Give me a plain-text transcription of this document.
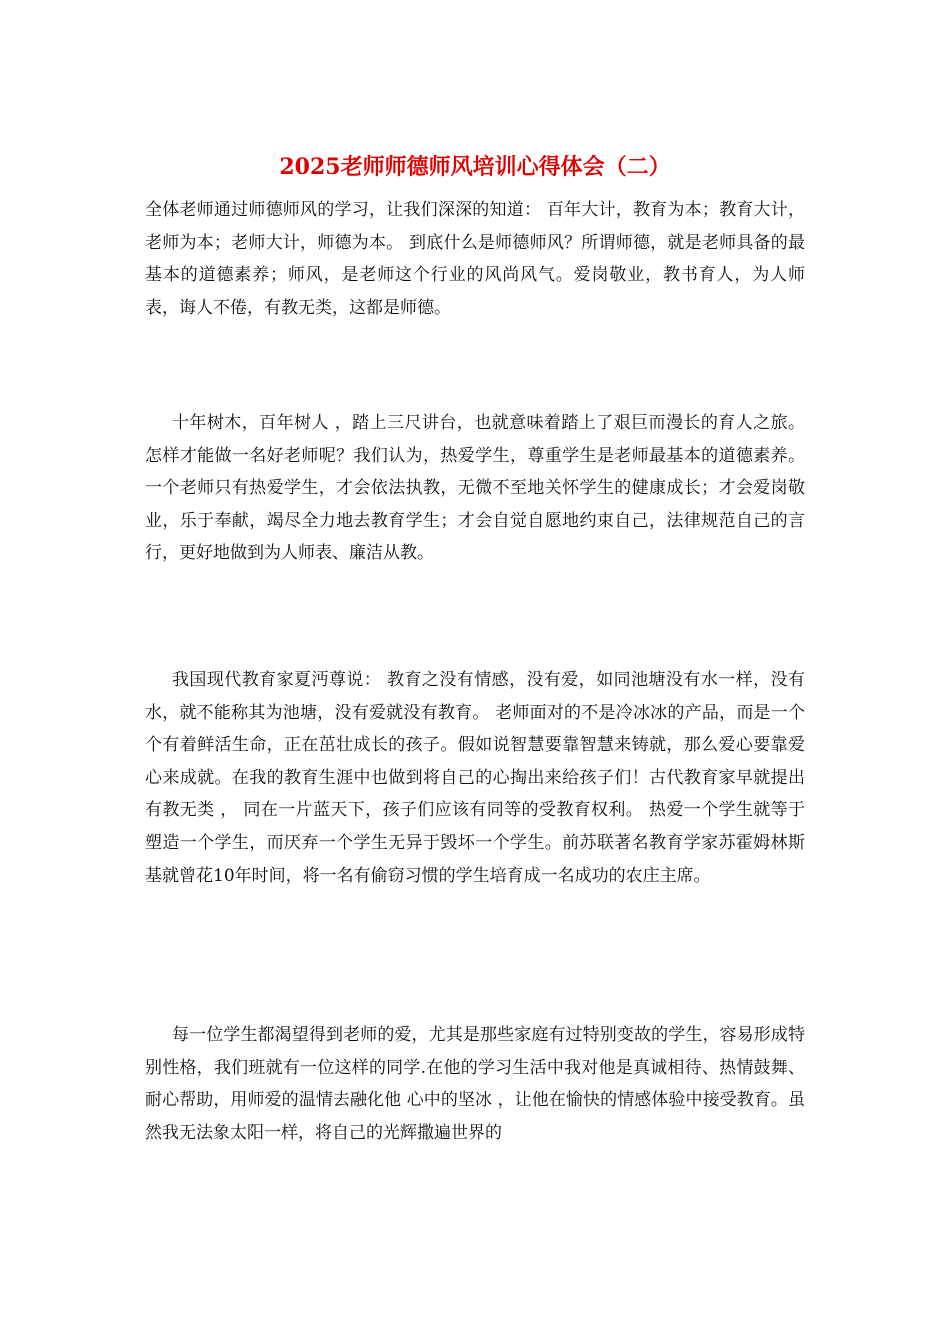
2025老师师德师风培训心得体会（二）

全体老师通过师德师风的学习，让我们深深的知道： 百年大计，教育为本；教育大计，老师为本；老师大计，师德为本。 到底什么是师德师风？所谓师德，就是老师具备的最基本的道德素养；师风，是老师这个行业的风尚风气。爱岗敬业，教书育人，为人师表，诲人不倦，有教无类，这都是师德。

十年树木，百年树人 ，踏上三尺讲台，也就意味着踏上了艰巨而漫长的育人之旅。怎样才能做一名好老师呢？我们认为，热爱学生，尊重学生是老师最基本的道德素养。一个老师只有热爱学生，才会依法执教，无微不至地关怀学生的健康成长；才会爱岗敬业，乐于奉献，竭尽全力地去教育学生；才会自觉自愿地约束自己，法律规范自己的言行，更好地做到为人师表、廉洁从教。

我国现代教育家夏沔尊说： 教育之没有情感，没有爱，如同池塘没有水一样，没有水，就不能称其为池塘，没有爱就没有教育。 老师面对的不是冷冰冰的产品，而是一个个有着鲜活生命，正在茁壮成长的孩子。假如说智慧要靠智慧来铸就，那么爱心要靠爱心来成就。在我的教育生涯中也做到将自己的心掏出来给孩子们！古代教育家早就提出 有教无类 ， 同在一片蓝天下，孩子们应该有同等的受教育权利。 热爱一个学生就等于塑造一个学生，而厌弃一个学生无异于毁坏一个学生。前苏联著名教育学家苏霍姆林斯基就曾花10年时间，将一名有偷窃习惯的学生培育成一名成功的农庄主席。

每一位学生都渴望得到老师的爱，尤其是那些家庭有过特别变故的学生，容易形成特别性格，我们班就有一位这样的同学.在他的学习生活中我对他是真诚相待、热情鼓舞、耐心帮助，用师爱的温情去融化他 心中的坚冰 ，让他在愉快的情感体验中接受教育。虽然我无法象太阳一样，将自己的光辉撒遍世界的
